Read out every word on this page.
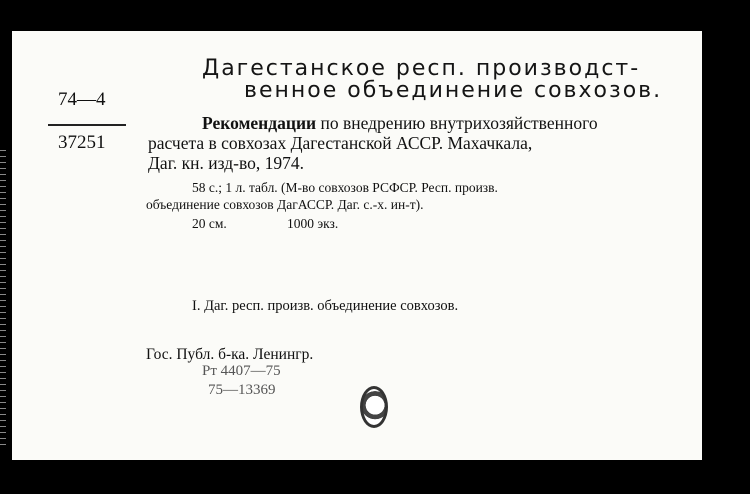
Дагестанское респ. производст-
венное объединение совхозов.
74—4
37251
Рекомендации по внедрению внутрихозяйственного
расчета в совхозах Дагестанской АССР. Махачкала,
Даг. кн. изд-во, 1974.
58 с.; 1 л. табл. (М-во совхозов РСФСР. Респ. произв.
объединение совхозов ДагАССР. Даг. с.-х. ин-т).
20 см.	1000 экз.
I. Даг. респ. произв. объединение совхозов.
Гос. Публ. б-ка. Ленингр.
Рт 4407—75
75—13369
